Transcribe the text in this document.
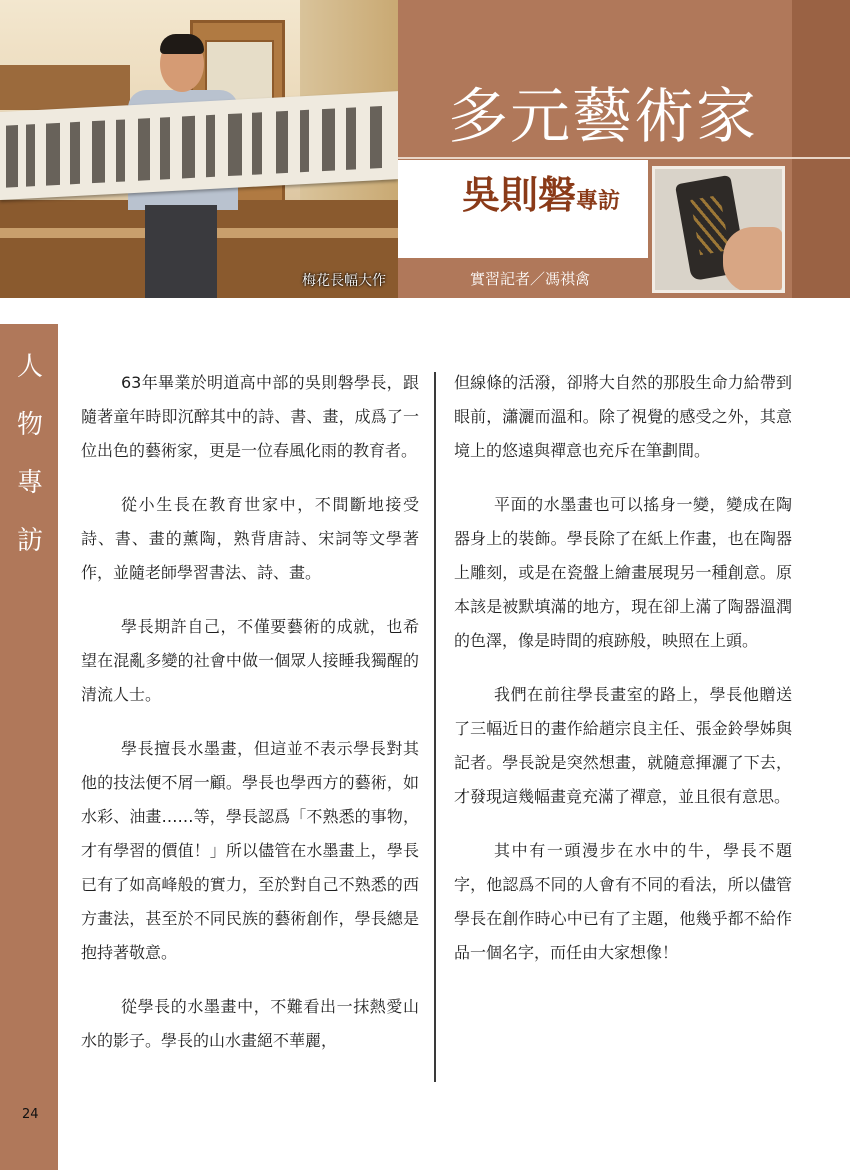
梅花長幅大作
多元藝術家
吳則磐專訪
實習記者／馮祺禽
人
物
專
訪
24

63年畢業於明道高中部的吳則磐學長，跟隨著童年時即沉醉其中的詩、書、畫，成爲了一位出色的藝術家，更是一位春風化雨的教育者。

從小生長在教育世家中，不間斷地接受詩、書、畫的薰陶，熟背唐詩、宋詞等文學著作，並隨老師學習書法、詩、畫。

學長期許自己，不僅要藝術的成就，也希望在混亂多變的社會中做一個眾人接睡我獨醒的清流人士。

學長擅長水墨畫，但這並不表示學長對其他的技法便不屑一顧。學長也學西方的藝術，如水彩、油畫……等，學長認爲「不熟悉的事物，才有學習的價值！」所以儘管在水墨畫上，學長已有了如高峰般的實力，至於對自己不熟悉的西方畫法，甚至於不同民族的藝術創作，學長總是抱持著敬意。

從學長的水墨畫中，不難看出一抹熱愛山水的影子。學長的山水畫絕不華麗，

但線條的活潑，卻將大自然的那股生命力給帶到眼前，瀟灑而溫和。除了視覺的感受之外，其意境上的悠遠與禪意也充斥在筆劃間。

平面的水墨畫也可以搖身一變，變成在陶器身上的裝飾。學長除了在紙上作畫，也在陶器上雕刻，或是在瓷盤上繪畫展現另一種創意。原本該是被默填滿的地方，現在卻上滿了陶器溫潤的色澤，像是時間的痕跡般，映照在上頭。

我們在前往學長畫室的路上，學長他贈送了三幅近日的畫作給趙宗良主任、張金鈴學姊與記者。學長說是突然想畫，就隨意揮灑了下去，才發現這幾幅畫竟充滿了禪意，並且很有意思。

其中有一頭漫步在水中的牛，學長不題字，他認爲不同的人會有不同的看法，所以儘管學長在創作時心中已有了主題，他幾乎都不給作品一個名字，而任由大家想像！
